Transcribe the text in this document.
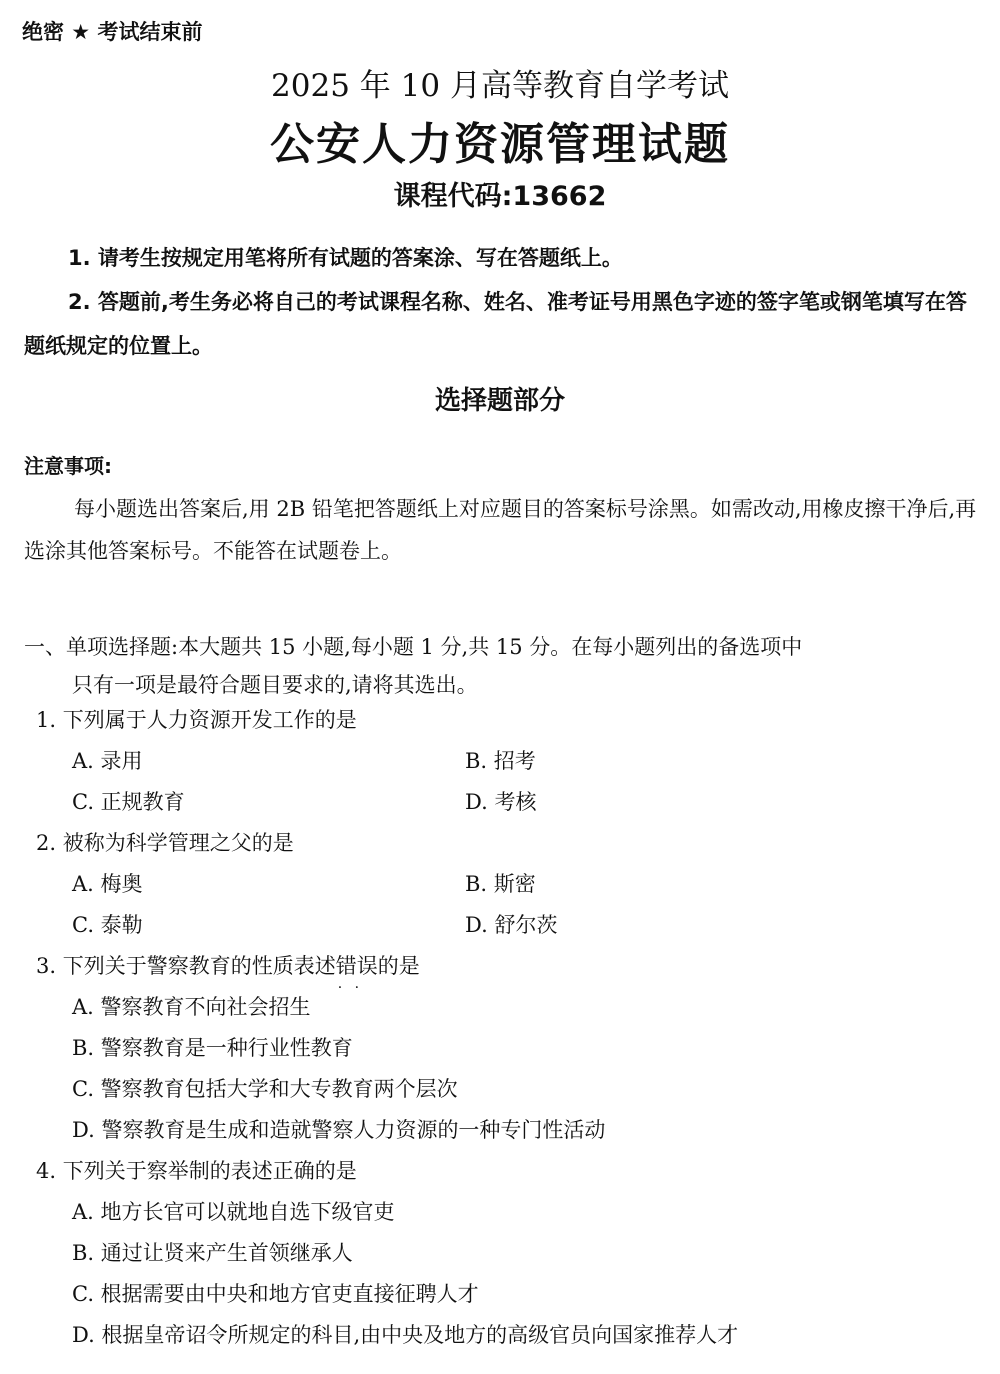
绝密 ★ 考试结束前
2025 年 10 月高等教育自学考试
公安人力资源管理试题
课程代码:13662

1. 请考生按规定用笔将所有试题的答案涂、写在答题纸上。

2. 答题前,考生务必将自己的考试课程名称、姓名、准考证号用黑色字迹的签字笔或钢笔填写在答题纸规定的位置上。

选择题部分
注意事项:

每小题选出答案后,用 2B 铅笔把答题纸上对应题目的答案标号涂黑。如需改动,用橡皮擦干净后,再选涂其他答案标号。不能答在试题卷上。

一、单项选择题:本大题共 15 小题,每小题 1 分,共 15 分。在每小题列出的备选项中
只有一项是最符合题目要求的,请将其选出。
1. 下列属于人力资源开发工作的是
A. 录用	B. 招考
C. 正规教育	D. 考核
2. 被称为科学管理之父的是
A. 梅奥	B. 斯密
C. 泰勒	D. 舒尔茨
3. 下列关于警察教育的性质表述错误 · · 的是
A. 警察教育不向社会招生
B. 警察教育是一种行业性教育
C. 警察教育包括大学和大专教育两个层次
D. 警察教育是生成和造就警察人力资源的一种专门性活动
4. 下列关于察举制的表述正确的是
A. 地方长官可以就地自选下级官吏
B. 通过让贤来产生首领继承人
C. 根据需要由中央和地方官吏直接征聘人才
D. 根据皇帝诏令所规定的科目,由中央及地方的高级官员向国家推荐人才
